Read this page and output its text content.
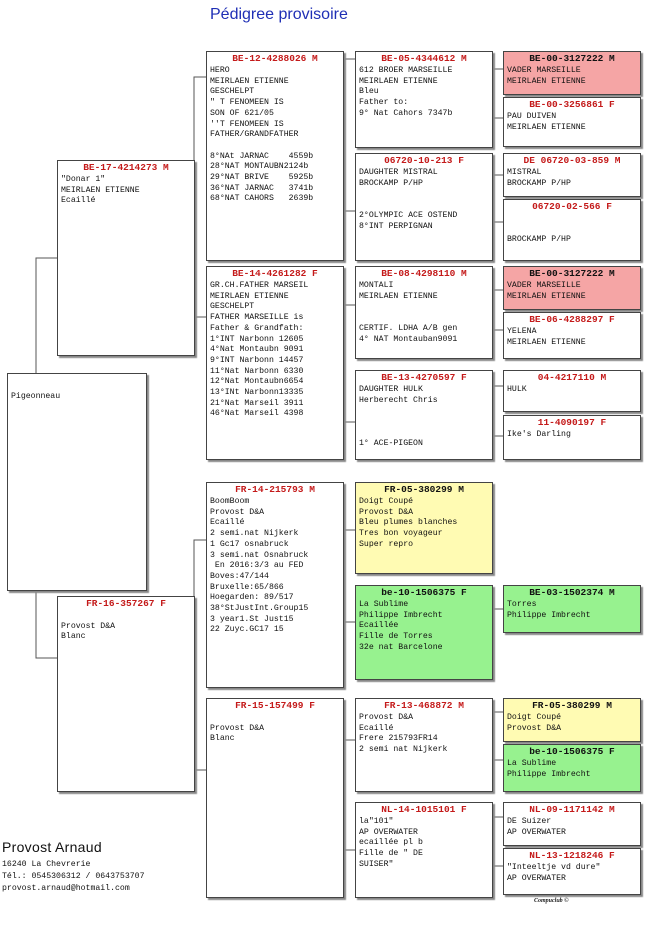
Pédigree provisoire
Pigeonneau
BE-17-4214273 M
"Donar 1"
MEIRLAEN ETIENNE
Ecaillé
FR-16-357267 F

Provost D&A
Blanc
BE-12-4288026 M
HERO
MEIRLAEN ETIENNE
GESCHELPT
" T FENOMEEN IS
SON OF 621/05
''T FENOMEEN IS
FATHER/GRANDFATHER

8°NAt JARNAC    4559b
28°NAT MONTAUBN2124b
29°NAT BRIVE    5925b
36°NAT JARNAC   3741b
68°NAT CAHORS   2639b
BE-14-4261282 F
GR.CH.FATHER MARSEIL
MEIRLAEN ETIENNE
GESCHELPT
FATHER MARSEILLE is
Father & Grandfath:
1°INT Narbonn 12605
4°Nat Montaubn 9091
9°INT Narbonn 14457
11°Nat Narbonn 6330
12°Nat Montaubn6654
13°INt Narbonn13335
21°Nat Marseil 3911
46°Nat Marseil 4398
FR-14-215793 M
BoomBoom
Provost D&A
Ecaillé
2 semi.nat Nijkerk
1 Gc17 osnabruck
3 semi.nat Osnabruck
En 2016:3/3 au FED
Boves:47/144
Bruxelle:65/866
Hoegarden: 89/517
38°StJustInt.Group15
3 year1.St Just15
22 Zuyc.GC17 15
FR-15-157499 F

Provost D&A
Blanc
BE-05-4344612 M
612 BROER MARSEILLE
MEIRLAEN ETIENNE
Bleu
Father to:
9° Nat Cahors 7347b
06720-10-213 F
DAUGHTER MISTRAL
BROCKAMP P/HP

2°OLYMPIC ACE OSTEND
8°INT PERPIGNAN
BE-08-4298110 M
MONTALI
MEIRLAEN ETIENNE

CERTIF. LDHA A/B gen
4° NAT Montauban9091
BE-13-4270597 F
DAUGHTER HULK
Herberecht Chris

1° ACE-PIGEON
FR-05-380299 M
Doigt Coupé
Provost D&A
Bleu plumes blanches
Tres bon voyageur
Super repro
be-10-1506375 F
La Sublime
Philippe Imbrecht
Ecaillée
Fille de Torres
32e nat Barcelone
FR-13-468872 M
Provost D&A
Ecaillé
Frere 215793FR14
2 semi nat Nijkerk
NL-14-1015101 F
la"101"
AP OVERWATER
ecaillée pl b
Fille de " DE
SUISER"
BE-00-3127222 M
VADER MARSEILLE
MEIRLAEN ETIENNE
BE-00-3256861 F
PAU DUIVEN
MEIRLAEN ETIENNE
DE 06720-03-859 M
MISTRAL
BROCKAMP P/HP
06720-02-566 F

BROCKAMP P/HP
BE-00-3127222 M
VADER MARSEILLE
MEIRLAEN ETIENNE
BE-06-4288297 F
YELENA
MEIRLAEN ETIENNE
04-4217110 M
HULK
11-4090197 F
Ike's Darling
BE-03-1502374 M
Torres
Philippe Imbrecht
FR-05-380299 M
Doigt Coupé
Provost D&A
be-10-1506375 F
La Sublime
Philippe Imbrecht
NL-09-1171142 M
DE Suizer
AP OVERWATER
NL-13-1218246 F
"Inteeltje vd dure"
AP OVERWATER
Provost Arnaud
16240 La Chevrerie
Tél.: 0545306312 / 0643753707
provost.arnaud@hotmail.com
Compuclub ©
